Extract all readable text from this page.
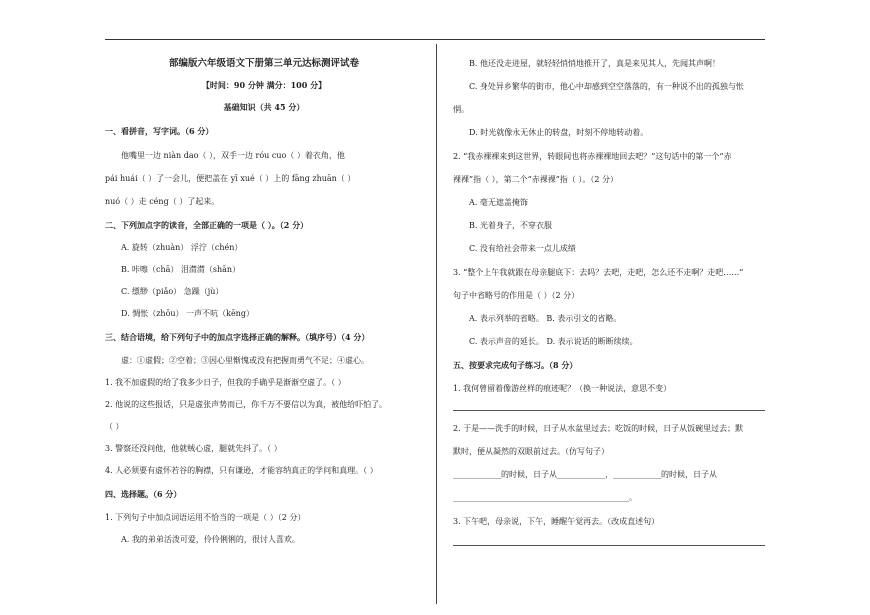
部编版六年级语文下册第三单元达标测评试卷
【时间：90 分钟 满分：100 分】
基础知识（共 45 分）
一、看拼音，写字词。（6 分）
他嘴里一边 niàn dao（ ），双手一边 róu cuo（ ）着衣角，他
pái huái（ ）了一会儿，便把盖在 yī xué（ ）上的 fāng zhuān（ ）
nuó（ ）走 céng（ ）了起来。
二、下列加点字的读音，全部正确的一项是（ ）。（2 分）
A. 旋转（zhuàn） 浮泞（chén）
B. 咔嚓（chā） 泪潸潸（shān）
C. 缥缈（piǎo） 急躁（jù）
D. 惆怅（zhōu） 一声不吭（kēng）
三、结合语境，给下列句子中的加点字选择正确的解释。（填序号）（4 分）
虚：①虚假；②空着；③因心里惭愧或没有把握而勇气不足；④虚心。
1. 我不加虚假的给了我多少日子，但我的手确乎是渐渐空虚了。（ ）
2. 他说的这些报话，只是虚张声势而已，你千万不要信以为真，被他给吓怕了。
（ ）
3. 警察还没问他，他就贼心虚，腿就先抖了。（ ）
4. 人必须要有虚怀若谷的胸襟，只有谦逊，才能容纳真正的学问和真理。（ ）
四、选择题。（6 分）
1. 下列句子中加点词语运用不恰当的一项是（ ）（2 分）
A. 我的弟弟活泼可爱，伶伶俐俐的，很讨人喜欢。
B. 他还没走进屋，就轻轻悄悄地推开了，真是来见其人，先闻其声啊！
C. 身处异乡繁华的街市，他心中却感到空空落落的，有一种说不出的孤独与怅
惘。
D. 时光就像永无休止的转盘，时刻不停地转动着。
2. “我赤裸裸来到这世界，转眼间也将赤裸裸地回去吧？”这句话中的第一个“赤
裸裸”指（ ），第二个“赤裸裸”指（ ）。（2 分）
A. 毫无遮盖掩饰
B. 光着身子，不穿衣服
C. 没有给社会带来一点儿成绩
3. “整个上午我就跟在母亲腿底下：去吗？去吧，走吧，怎么还不走啊？走吧……”
句子中省略号的作用是（ ）（2 分）
A. 表示列举的省略。 B. 表示引文的省略。
C. 表示声音的延长。 D. 表示说话的断断续续。
五、按要求完成句子练习。（8 分）
1. 我何曾留着像游丝样的痕迹呢？（换一种说法，意思不变）
2. 于是——洗手的时候，日子从水盆里过去；吃饭的时候，日子从饭碗里过去；默
默时，便从凝然的双眼前过去。（仿写句子）
____________的时候，日子从____________，____________的时候，日子从
____________________________________________。
3. 下午吧，母亲说，下午，睡醒午觉再去。（改成直述句）
